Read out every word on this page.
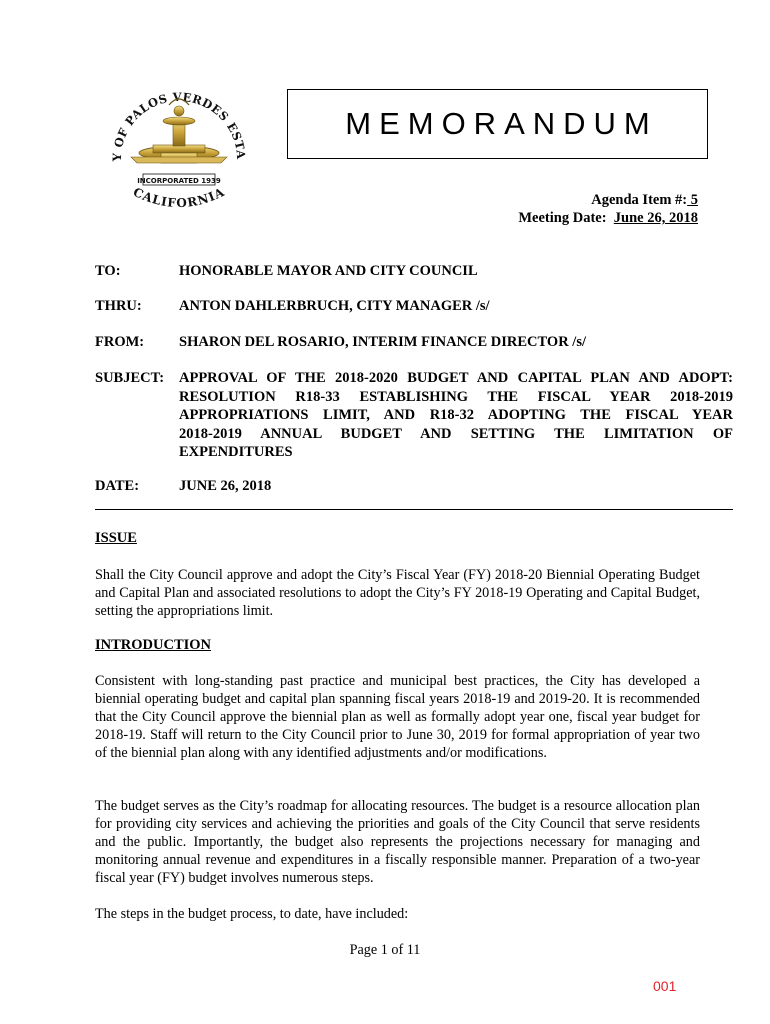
Y OF PALOS VERDES ESTA
INCORPORATED 1939
CALIFORNIA
MEMORANDUM
Agenda Item #: 5
Meeting Date: June 26, 2018
TO:	HONORABLE MAYOR AND CITY COUNCIL
THRU:	ANTON DAHLERBRUCH, CITY MANAGER /s/
FROM: SHARON DEL ROSARIO, INTERIM FINANCE DIRECTOR /s/
SUBJECT: APPROVAL OF THE 2018-2020 BUDGET AND CAPITAL PLAN AND ADOPT:
RESOLUTION R18-33 ESTABLISHING THE FISCAL YEAR 2018-2019
APPROPRIATIONS LIMIT, AND R18-32 ADOPTING THE FISCAL YEAR
2018-2019 ANNUAL BUDGET AND SETTING THE LIMITATION OF
EXPENDITURES
DATE:	JUNE 26, 2018
ISSUE
Shall the City Council approve and adopt the City’s Fiscal Year (FY) 2018-20 Biennial Operating Budget and Capital Plan and associated resolutions to adopt the City’s FY 2018-19 Operating and Capital Budget, setting the appropriations limit.
INTRODUCTION
Consistent with long-standing past practice and municipal best practices, the City has developed a biennial operating budget and capital plan spanning fiscal years 2018-19 and 2019-20. It is recommended that the City Council approve the biennial plan as well as formally adopt year one, fiscal year budget for 2018-19. Staff will return to the City Council prior to June 30, 2019 for formal appropriation of year two of the biennial plan along with any identified adjustments and/or modifications.
The budget serves as the City’s roadmap for allocating resources. The budget is a resource allocation plan for providing city services and achieving the priorities and goals of the City Council that serve residents and the public. Importantly, the budget also represents the projections necessary for managing and monitoring annual revenue and expenditures in a fiscally responsible manner. Preparation of a two-year fiscal year (FY) budget involves numerous steps.
The steps in the budget process, to date, have included:
Page 1 of 11
001
